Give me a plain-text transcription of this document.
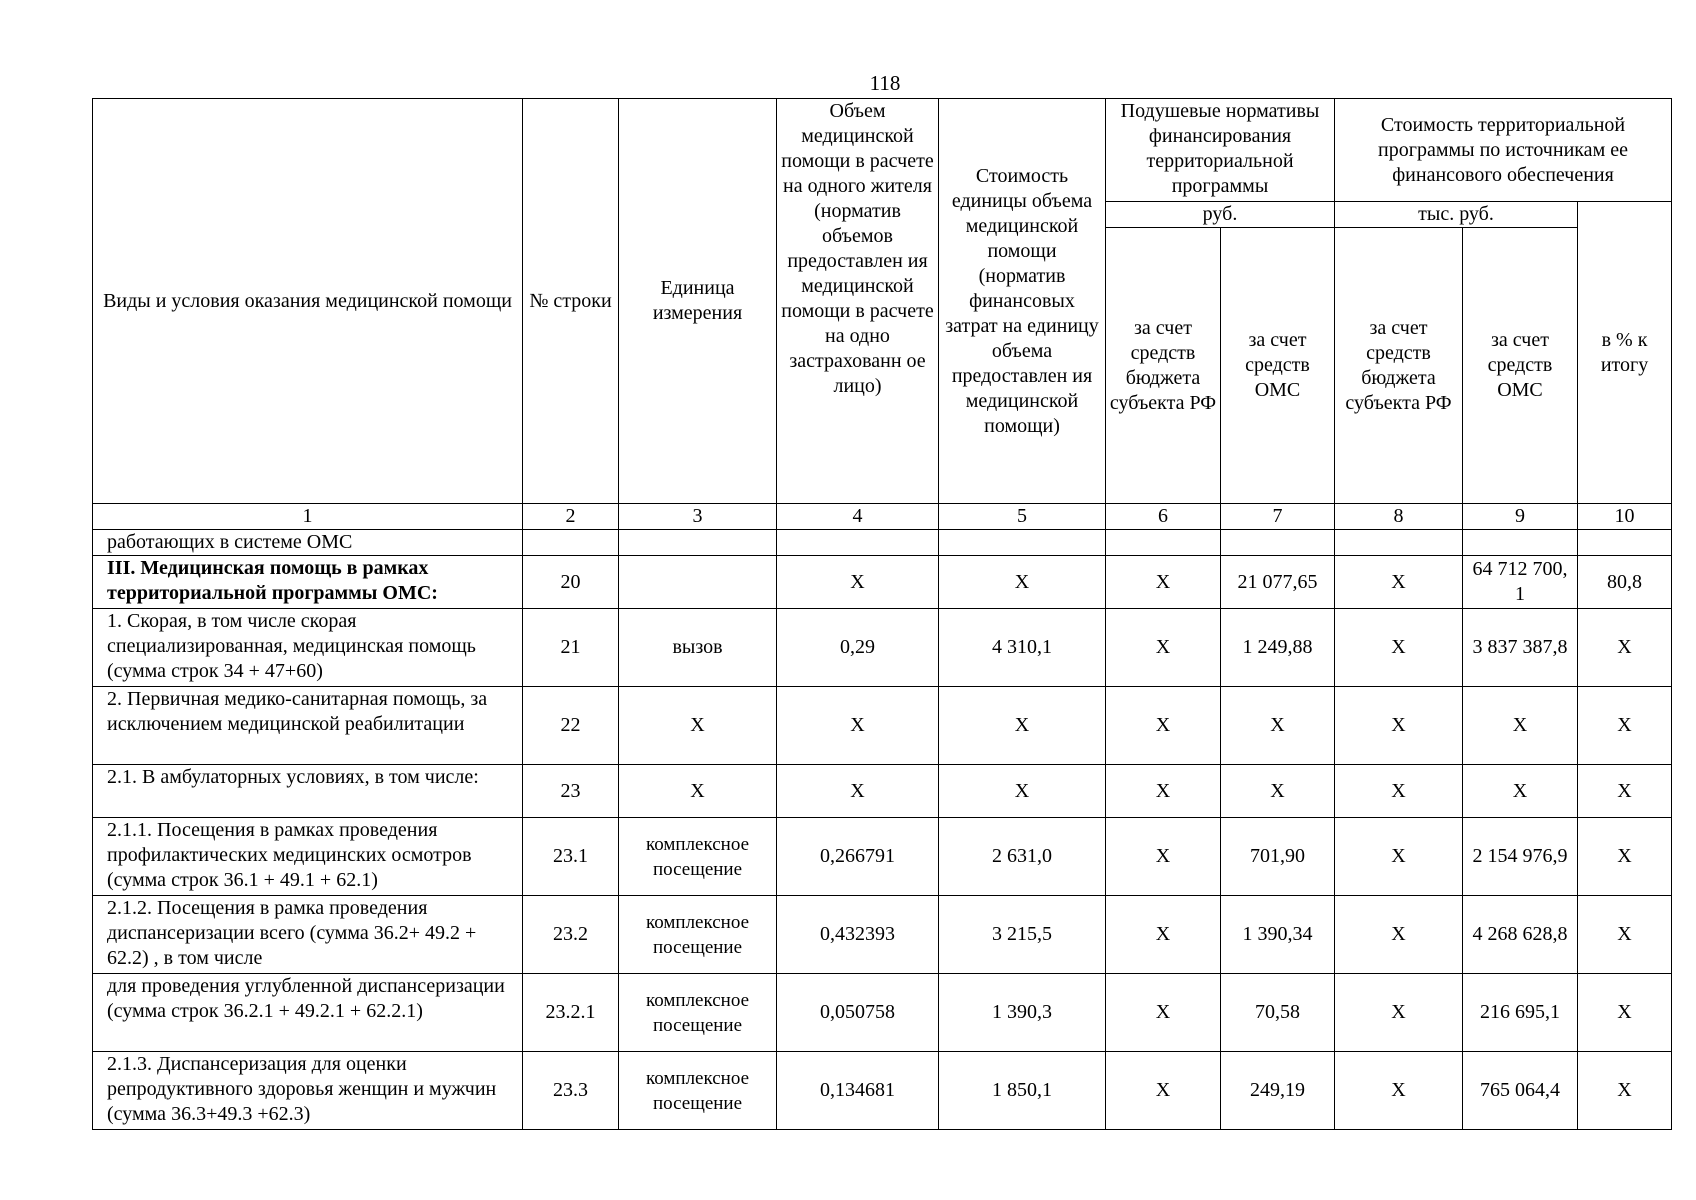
118
Виды и условия оказания медицинской помощи	№ строки	Единица измерения	Объем медицинской помощи в расчете на одного жителя (норматив объемов предоставлен ия медицинской помощи в расчете на одно застрахованн ое лицо)	Стоимость единицы объема медицинской помощи (норматив финансовых затрат на единицу объема предоставлен ия медицинской помощи)	Подушевые нормативы финансирования территориальной программы		Стоимость территориальной программы по источникам ее финансового обеспечения		
					руб.		тыс. руб.		в % к итогу
					за счет средств бюджета субъекта РФ	за счет средств ОМС	за счет средств бюджета субъекта РФ	за счет средств ОМС	
1	2	3	4	5	6	7	8	9	10
работающих в системе ОМС									
III. Медицинская помощь в рамках территориальной программы ОМС:	20		X	X	X	21 077,65	X	64 712 700, 1	80,8
1. Скорая, в том числе скорая специализированная, медицинская помощь (сумма строк 34 + 47+60)	21	вызов	0,29	4 310,1	X	1 249,88	X	3 837 387,8	X
2. Первичная медико-санитарная помощь, за исключением медицинской реабилитации	22	X	X	X	X	X	X	X	X
2.1. В амбулаторных условиях, в том числе:	23	X	X	X	X	X	X	X	X
2.1.1. Посещения в рамках проведения профилактических медицинских осмотров (сумма строк 36.1 + 49.1 + 62.1)	23.1	комплексное посещение	0,266791	2 631,0	X	701,90	X	2 154 976,9	X
2.1.2. Посещения в рамка проведения диспансеризации всего (сумма 36.2+ 49.2 + 62.2) , в том числе	23.2	комплексное посещение	0,432393	3 215,5	X	1 390,34	X	4 268 628,8	X
для проведения углубленной диспансеризации (сумма строк 36.2.1 + 49.2.1 + 62.2.1)	23.2.1	комплексное посещение	0,050758	1 390,3	X	70,58	X	216 695,1	X
2.1.3. Диспансеризация для оценки репродуктивного здоровья женщин и мужчин (сумма 36.3+49.3 +62.3)	23.3	комплексное посещение	0,134681	1 850,1	X	249,19	X	765 064,4	X
